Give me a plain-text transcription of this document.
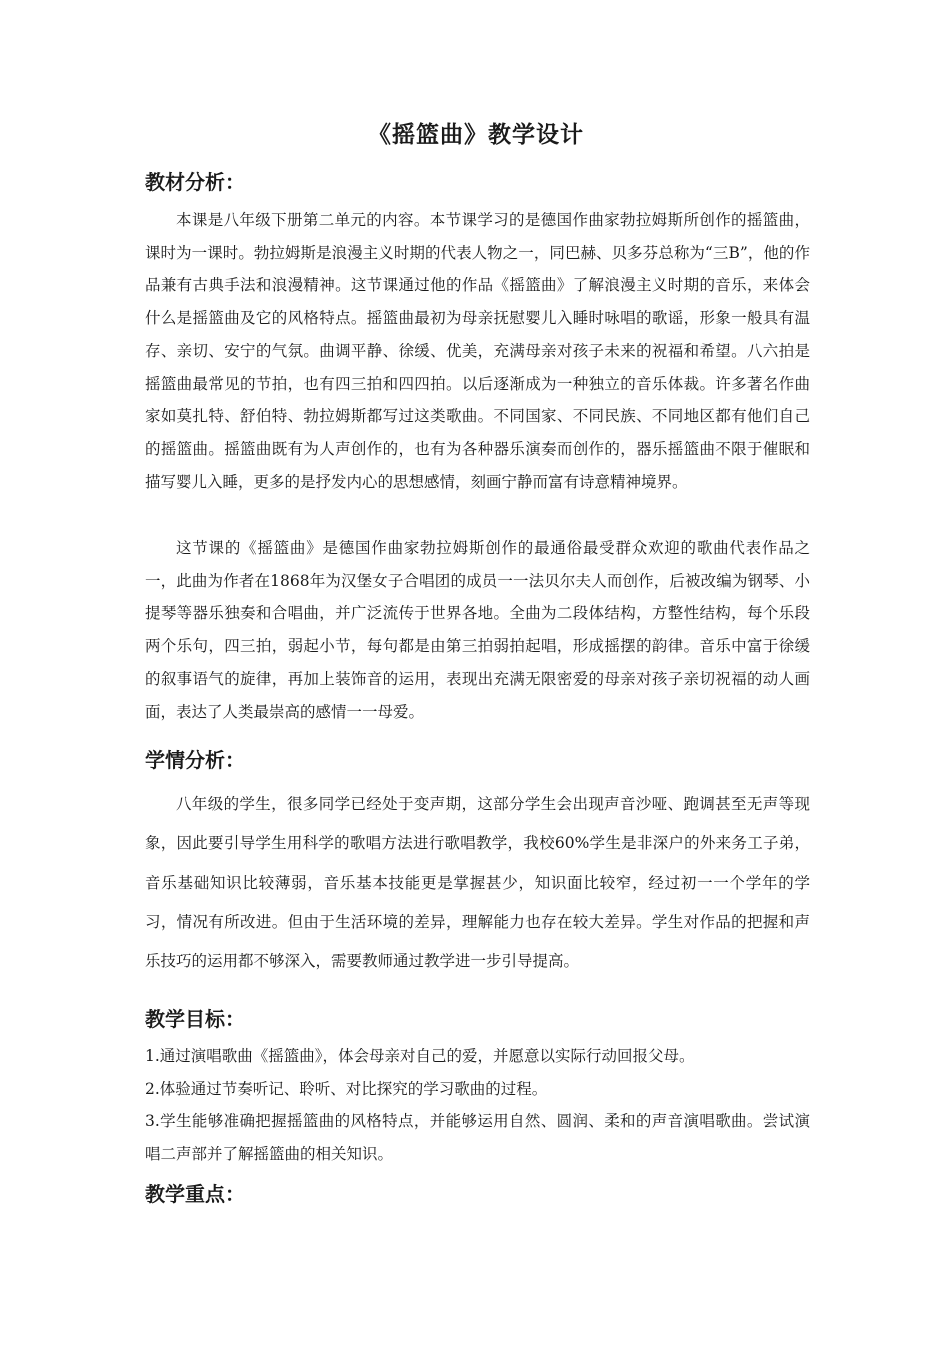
《摇篮曲》教学设计
教材分析：

本课是八年级下册第二单元的内容。本节课学习的是德国作曲家勃拉姆斯所创作的摇篮曲，课时为一课时。勃拉姆斯是浪漫主义时期的代表人物之一，同巴赫、贝多芬总称为“三B”，他的作品兼有古典手法和浪漫精神。这节课通过他的作品《摇篮曲》了解浪漫主义时期的音乐，来体会什么是摇篮曲及它的风格特点。摇篮曲最初为母亲抚慰婴儿入睡时咏唱的歌谣，形象一般具有温存、亲切、安宁的气氛。曲调平静、徐缓、优美，充满母亲对孩子未来的祝福和希望。八六拍是摇篮曲最常见的节拍，也有四三拍和四四拍。以后逐渐成为一种独立的音乐体裁。许多著名作曲家如莫扎特、舒伯特、勃拉姆斯都写过这类歌曲。不同国家、不同民族、不同地区都有他们自己的摇篮曲。摇篮曲既有为人声创作的，也有为各种器乐演奏而创作的，器乐摇篮曲不限于催眠和描写婴儿入睡，更多的是抒发内心的思想感情，刻画宁静而富有诗意精神境界。

这节课的《摇篮曲》是德国作曲家勃拉姆斯创作的最通俗最受群众欢迎的歌曲代表作品之一，此曲为作者在1868年为汉堡女子合唱团的成员一一法贝尔夫人而创作，后被改编为钢琴、小提琴等器乐独奏和合唱曲，并广泛流传于世界各地。全曲为二段体结构，方整性结构，每个乐段两个乐句，四三拍，弱起小节，每句都是由第三拍弱拍起唱，形成摇摆的韵律。音乐中富于徐缓的叙事语气的旋律，再加上装饰音的运用，表现出充满无限密爱的母亲对孩子亲切祝福的动人画面，表达了人类最崇高的感情一一母爱。

学情分析：

八年级的学生，很多同学已经处于变声期，这部分学生会出现声音沙哑、跑调甚至无声等现象，因此要引导学生用科学的歌唱方法进行歌唱教学，我校60%学生是非深户的外来务工子弟，音乐基础知识比较薄弱，音乐基本技能更是掌握甚少，知识面比较窄，经过初一一个学年的学习，情况有所改进。但由于生活环境的差异，理解能力也存在较大差异。学生对作品的把握和声乐技巧的运用都不够深入，需要教师通过教学进一步引导提高。

教学目标：

1.通过演唱歌曲《摇篮曲》，体会母亲对自己的爱，并愿意以实际行动回报父母。

2.体验通过节奏听记、聆听、对比探究的学习歌曲的过程。

3.学生能够准确把握摇篮曲的风格特点，并能够运用自然、圆润、柔和的声音演唱歌曲。尝试演唱二声部并了解摇篮曲的相关知识。

教学重点：
